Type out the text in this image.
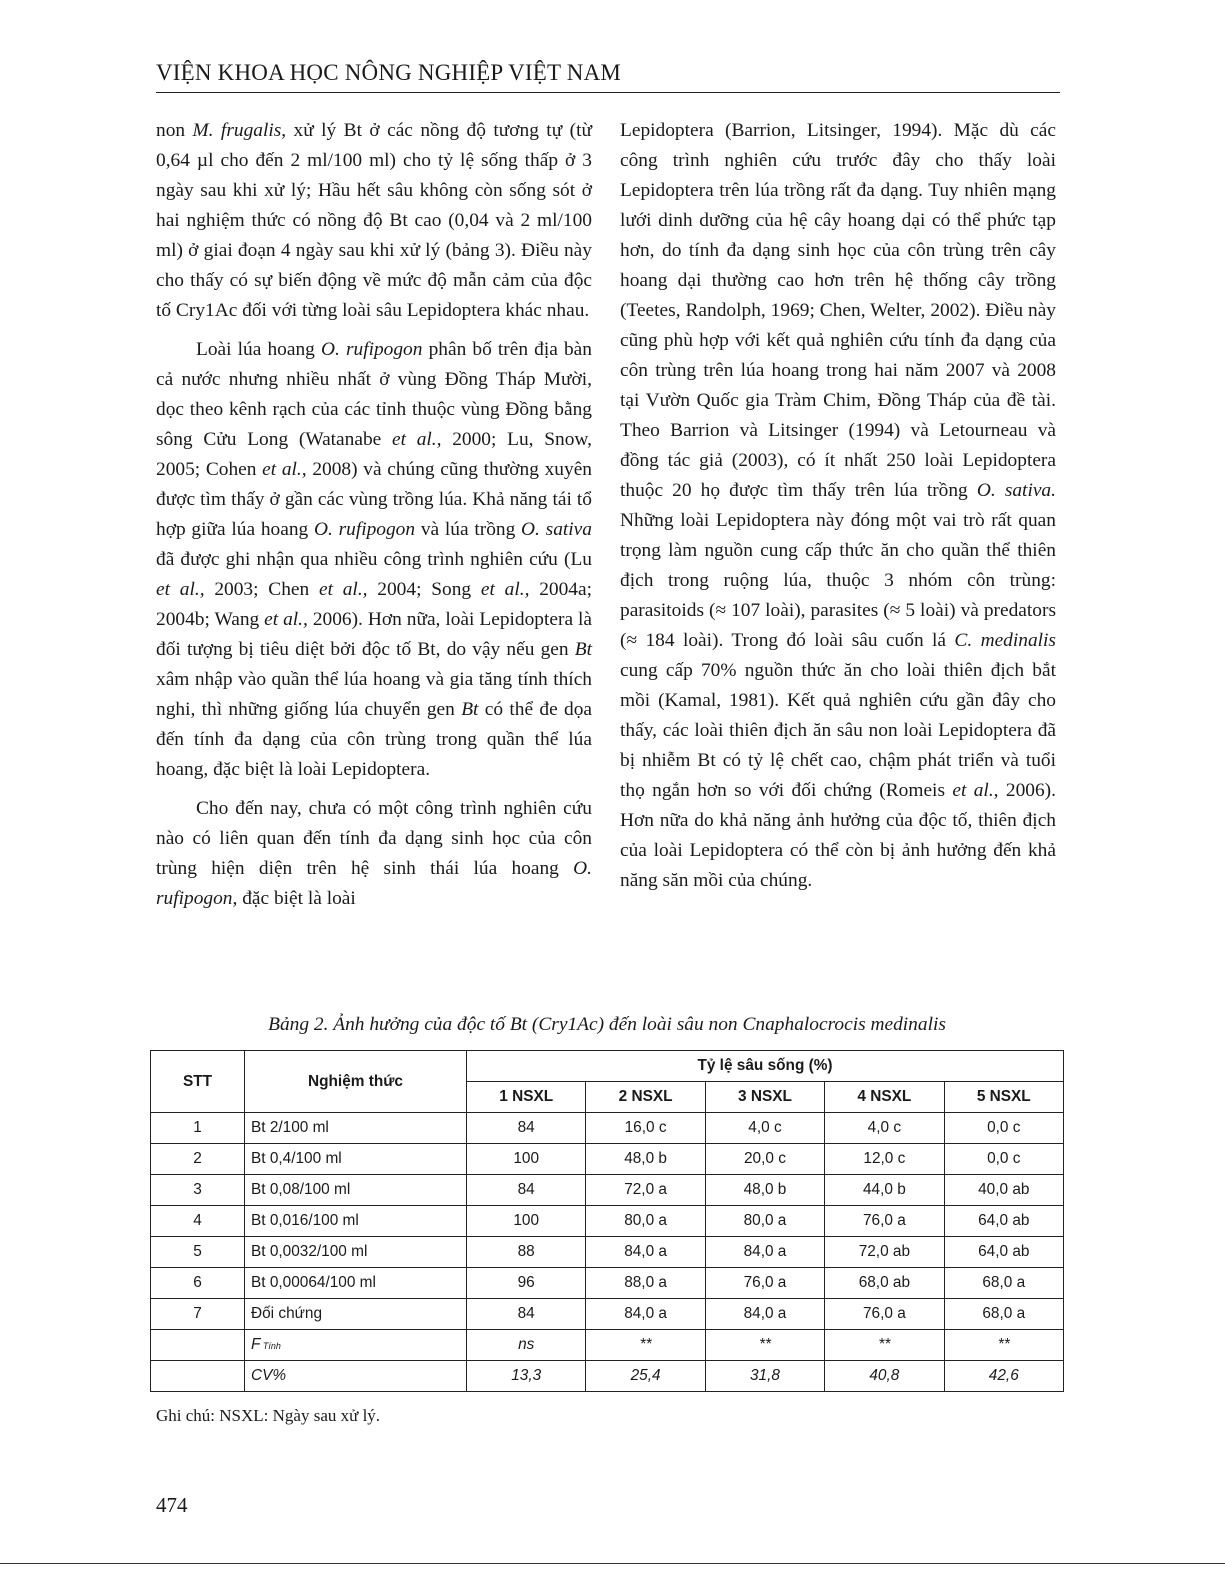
VIỆN KHOA HỌC NÔNG NGHIỆP VIỆT NAM

non M. frugalis, xử lý Bt ở các nồng độ tương tự (từ 0,64 µl cho đến 2 ml/100 ml) cho tỷ lệ sống thấp ở 3 ngày sau khi xử lý; Hầu hết sâu không còn sống sót ở hai nghiệm thức có nồng độ Bt cao (0,04 và 2 ml/100 ml) ở giai đoạn 4 ngày sau khi xử lý (bảng 3). Điều này cho thấy có sự biến động về mức độ mẫn cảm của độc tố Cry1Ac đối với từng loài sâu Lepidoptera khác nhau.

Loài lúa hoang O. rufipogon phân bố trên địa bàn cả nước nhưng nhiều nhất ở vùng Đồng Tháp Mười, dọc theo kênh rạch của các tỉnh thuộc vùng Đồng bằng sông Cửu Long (Watanabe et al., 2000; Lu, Snow, 2005; Cohen et al., 2008) và chúng cũng thường xuyên được tìm thấy ở gần các vùng trồng lúa. Khả năng tái tổ hợp giữa lúa hoang O. rufipogon và lúa trồng O. sativa đã được ghi nhận qua nhiều công trình nghiên cứu (Lu et al., 2003; Chen et al., 2004; Song et al., 2004a; 2004b; Wang et al., 2006). Hơn nữa, loài Lepidoptera là đối tượng bị tiêu diệt bởi độc tố Bt, do vậy nếu gen Bt xâm nhập vào quần thể lúa hoang và gia tăng tính thích nghi, thì những giống lúa chuyển gen Bt có thể đe dọa đến tính đa dạng của côn trùng trong quần thể lúa hoang, đặc biệt là loài Lepidoptera.

Cho đến nay, chưa có một công trình nghiên cứu nào có liên quan đến tính đa dạng sinh học của côn trùng hiện diện trên hệ sinh thái lúa hoang O. rufipogon, đặc biệt là loài

Lepidoptera (Barrion, Litsinger, 1994). Mặc dù các công trình nghiên cứu trước đây cho thấy loài Lepidoptera trên lúa trồng rất đa dạng. Tuy nhiên mạng lưới dinh dưỡng của hệ cây hoang dại có thể phức tạp hơn, do tính đa dạng sinh học của côn trùng trên cây hoang dại thường cao hơn trên hệ thống cây trồng (Teetes, Randolph, 1969; Chen, Welter, 2002). Điều này cũng phù hợp với kết quả nghiên cứu tính đa dạng của côn trùng trên lúa hoang trong hai năm 2007 và 2008 tại Vườn Quốc gia Tràm Chim, Đồng Tháp của đề tài. Theo Barrion và Litsinger (1994) và Letourneau và đồng tác giả (2003), có ít nhất 250 loài Lepidoptera thuộc 20 họ được tìm thấy trên lúa trồng O. sativa. Những loài Lepidoptera này đóng một vai trò rất quan trọng làm nguồn cung cấp thức ăn cho quần thể thiên địch trong ruộng lúa, thuộc 3 nhóm côn trùng: parasitoids (≈ 107 loài), parasites (≈ 5 loài) và predators (≈ 184 loài). Trong đó loài sâu cuốn lá C. medinalis cung cấp 70% nguồn thức ăn cho loài thiên địch bắt mồi (Kamal, 1981). Kết quả nghiên cứu gần đây cho thấy, các loài thiên địch ăn sâu non loài Lepidoptera đã bị nhiễm Bt có tỷ lệ chết cao, chậm phát triển và tuổi thọ ngắn hơn so với đối chứng (Romeis et al., 2006). Hơn nữa do khả năng ảnh hưởng của độc tố, thiên địch của loài Lepidoptera có thể còn bị ảnh hưởng đến khả năng săn mồi của chúng.

Bảng 2. Ảnh hưởng của độc tố Bt (Cry1Ac) đến loài sâu non Cnaphalocrocis medinalis
STT	Nghiệm thức	Tỷ lệ sâu sống (%)				
		1 NSXL	2 NSXL	3 NSXL	4 NSXL	5 NSXL
1	Bt 2/100 ml	84	16,0 c	4,0 c	4,0 c	0,0 c
2	Bt 0,4/100 ml	100	48,0 b	20,0 c	12,0 c	0,0 c
3	Bt 0,08/100 ml	84	72,0 a	48,0 b	44,0 b	40,0 ab
4	Bt 0,016/100 ml	100	80,0 a	80,0 a	76,0 a	64,0 ab
5	Bt 0,0032/100 ml	88	84,0 a	84,0 a	72,0 ab	64,0 ab
6	Bt 0,00064/100 ml	96	88,0 a	76,0 a	68,0 ab	68,0 a
7	Đối chứng	84	84,0 a	84,0 a	76,0 a	68,0 a
	F Tính	ns	**	**	**	**
	CV%	13,3	25,4	31,8	40,8	42,6
Ghi chú: NSXL: Ngày sau xử lý.
474
